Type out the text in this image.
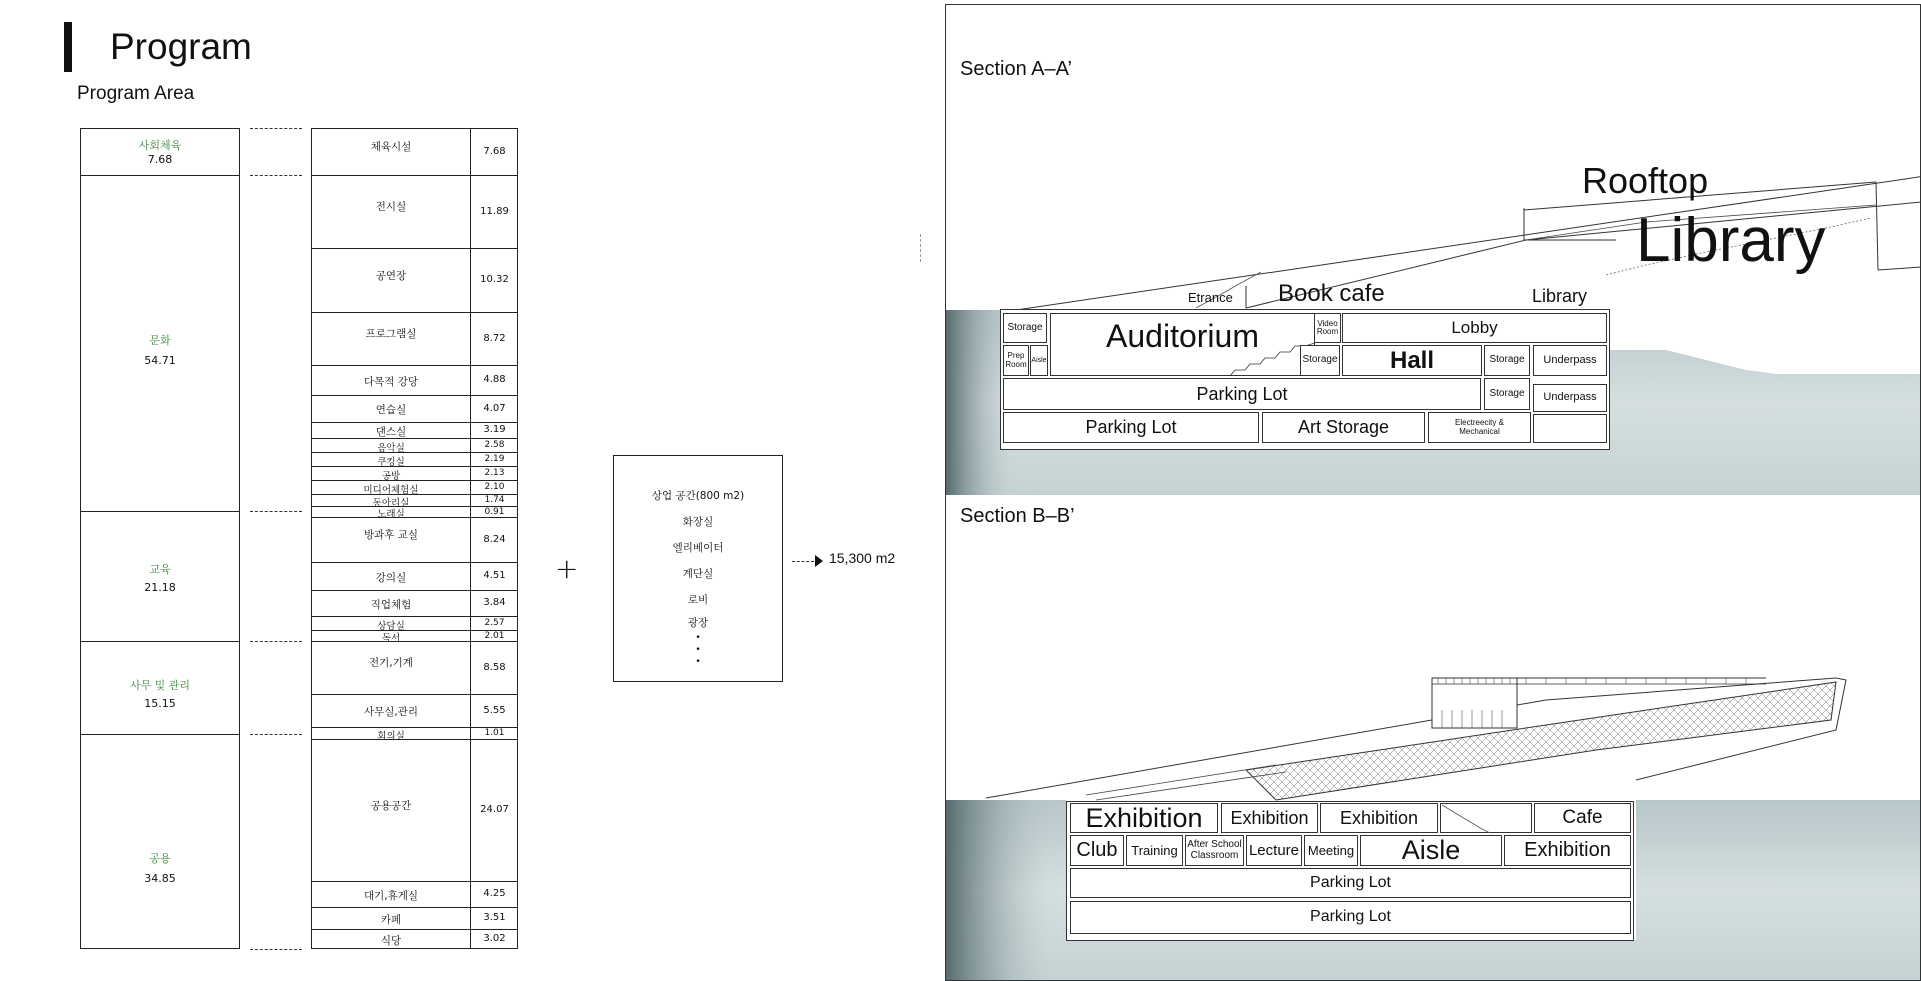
Program
Program Area
사회체육
7.68
문화
54.71
교육
21.18
사무 및 관리
15.15
공용
34.85
체육시설	7.68
전시실	11.89
공연장	10.32
프로그램실	8.72
다목적 강당	4.88
연습실	4.07
댄스실	3.19
음악실	2.58
쿠킹실	2.19
공방	2.13
미디어체험실	2.10
동아리실	1.74
노래실	0.91
방과후 교실	8.24
강의실	4.51
직업체험	3.84
상담실	2.57
독서	2.01
전기,기계	8.58
사무실,관리	5.55
회의실	1.01
공용공간	24.07
대기,휴게실	4.25
카페	3.51
식당	3.02
+
상업 공간(800 m2)
화장실
엘리베이터
계단실
로비
광장
•
•
•
15,300 m2
Section A–A’
Rooftop
Library
Etrance Book cafe	Library
Storage	Auditorium	Video Room	Lobby
Prep Room Aisle	Storage	Hall	Storage	Underpass
Parking Lot	Storage	Underpass
Parking Lot	Art Storage	Electreecity & Mechanical
Section B–B’
Exhibition	Exhibition	Exhibition	Cafe
Club	Training After School Classroom Lecture Meeting	Aisle	Exhibition
Parking Lot
Parking Lot
